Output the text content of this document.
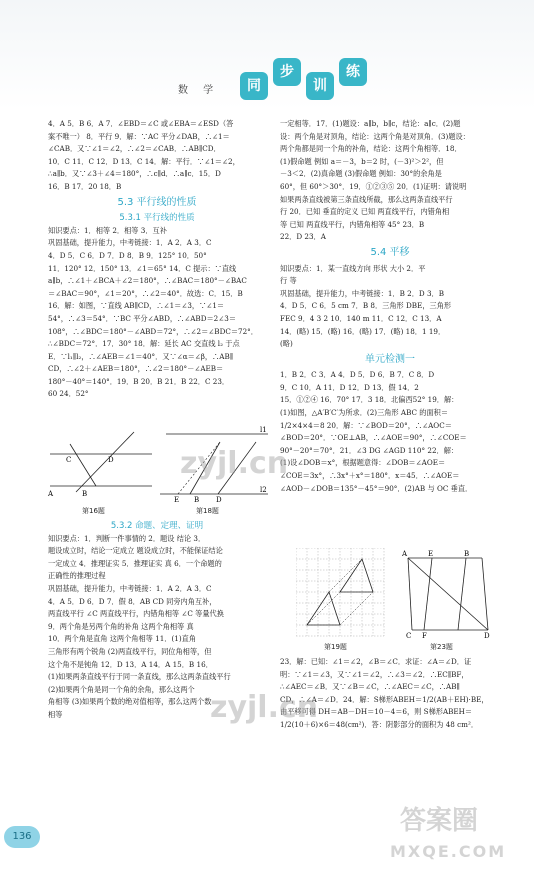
数 学	同
步
训
练

4．A 5．B 6．A 7．∠EBD＝∠C 或∠EBA＝∠ESD（答

案不唯一） 8．平行 9．解：∵AC 平分∠DAB，∴∠1＝

∠CAB．又∵∠1＝∠2，∴∠2＝∠CAB．∴AB∥CD．

10．C 11．C 12．D 13．C 14．解：平行．∵∠1＝∠2，

∴a∥b．又∵∠3＋∠4＝180°，∴c∥d．∴a∥c．15．D

16．B 17．20 18．B

5.3 平行线的性质

5.3.1 平行线的性质

知识要点：1．相等 2．相等 3．互补

巩固基础，提升能力，中考链接：1．A 2．A 3．C

4．D 5．C 6．D 7．D 8．B 9．125° 10．50°

11．120° 12．150° 13．∠1＝65° 14．C 提示：∵直线

a∥b，∴∠1＋∠BCA＋∠2＝180°，∴∠BAC＝180°－∠BAC

＝∠BAC＝90°，∠1＝20°，∴∠2＝40°．故选：C．15．B

16．解：如图，∵直线 AB∥CD，∴∠1＝∠3，∵∠1＝

54°，∴∠3＝54°．∵BC 平分∠ABD，∴∠ABD＝2∠3＝

108°，∴∠BDC＝180°－∠ABD＝72°，∴∠2＝∠BDC＝72°．

∴∠BDC＝72°．17．30° 18．解：延长 AC 交直线 l₂ 于点

E．∵l₁∥l₂，∴∠AEB＝∠1＝40°．又∵∠α＝∠β，∴AB∥

CD，∴∠2＋∠AEB＝180°，∴∠2＝180°－∠AEB＝

180°－40°＝140°．19．B 20．B 21．B 22．C 23．

60 24．52°

A	B
C	D
第16题
E B D
l1
l2
第18题

5.3.2 命题、定理、证明

知识要点：1．判断一件事情的 2．题设 结论 3．

题设成立时，结论一定成立 题设成立时，不能保证结论

一定成立 4．推理证实 5．推理证实 真 6．一个命题的

正确性的推理过程

巩固基础，提升能力，中考链接：1．A 2．A 3．C

4．A 5．D 6．D 7．假 8．AB CD 同旁内角互补，

两直线平行 ∠C 两直线平行，内错角相等 ∠C 等量代换

9．两个角是另两个角的补角 这两个角相等 真

10．两个角是直角 这两个角相等 11．(1)直角

三角形有两个锐角 (2)两直线平行，同位角相等，但

这个角不是钝角 12．D 13．A 14．A 15．B 16．

(1)如果两条直线平行于同一条直线，那么这两条直线平行

(2)如果两个角是同一个角的余角，那么这两个

角相等 (3)如果两个数的绝对值相等，那么这两个数

相等

一定相等．17．(1)题设：a∥b，b∥c，结论：a∥c．(2)题

设：两个角是对顶角，结论：这两个角是对顶角．(3)题设：

两个角都是同一个角的补角，结论：这两个角相等．18．

(1)假命题 例如 a＝－3，b＝2 时，(－3)²＞2²，但

－3＜2．(2)真命题 (3)假命题 例如：30°的余角是

60°，但 60°＞30°．19．①②③⑤ 20．(1)证明：请说明

如果两条直线被第三条直线所截，那么这两条直线平行

行 20．已知 垂直的定义 已知 两直线平行，内错角相

等 已知 两直线平行，内错角相等 45° 23．B

22．D 23．A

5.4 平移

知识要点：1．某一直线方向 形状 大小 2．平

行 等

巩固基础，提升能力，中考链接：1．B 2．D 3．B

4．D 5．C 6．5 cm 7．B 8．三角形 DBE，三角形

FEC 9．4 3 2 10．140 m 11．C 12．C 13．A

14．(略) 15．(略) 16．(略) 17．(略) 18．1 19．

(略)

单元检测一

1．B 2．C 3．A 4．D 5．D 6．B 7．C 8．D

9．C 10．A 11．D 12．D 13．假 14．2

15．①②④ 16．70° 17．3 18．北偏西52° 19．解：

(1)如图，△A′B′C′为所求．(2)三角形 ABC 的面积＝

1/2×4×4＝8 20．解：∵∠BOD＝20°，∴∠AOC＝

∠BOD＝20°．∵OE⊥AB，∴∠AOE＝90°，∴∠COE＝

90°－20°＝70°．21．∠3 DG ∠AGD 110° 22．解：

(1)设∠DOB＝x°，根据题意得：∠DOB＝∠AOE＝

∠COE＝3x°，∴3x°＋x°＝180°．x＝45．∴∠AOE＝

∠AOD－∠DOB＝135°－45°＝90°．(2)AB 与 OC 垂直．

第19题
A	E	B
C F	D
第23题

23．解：已知：∠1＝∠2，∠B＝∠C．求证：∠A＝∠D．证

明：∵∠1＝∠3，又∵∠1＝∠2，∴∠3＝∠2．∴EC∥BF，

∴∠AEC＝∠B．又∵∠B＝∠C，∴∠AEC＝∠C，∴AB∥

CD，∴∠A＝∠D．24．解：S梯形ABEH＝1/2(AB＋EH)·BE，

由平移可得 DH＝AB－DH＝10－4＝6，则 S梯形ABEH＝

1/2(10＋6)×6＝48(cm²)．答：阴影部分的面积为 48 cm²．

136
zyjl.cn
zyjl.cn
答案圈
MXQE.COM
